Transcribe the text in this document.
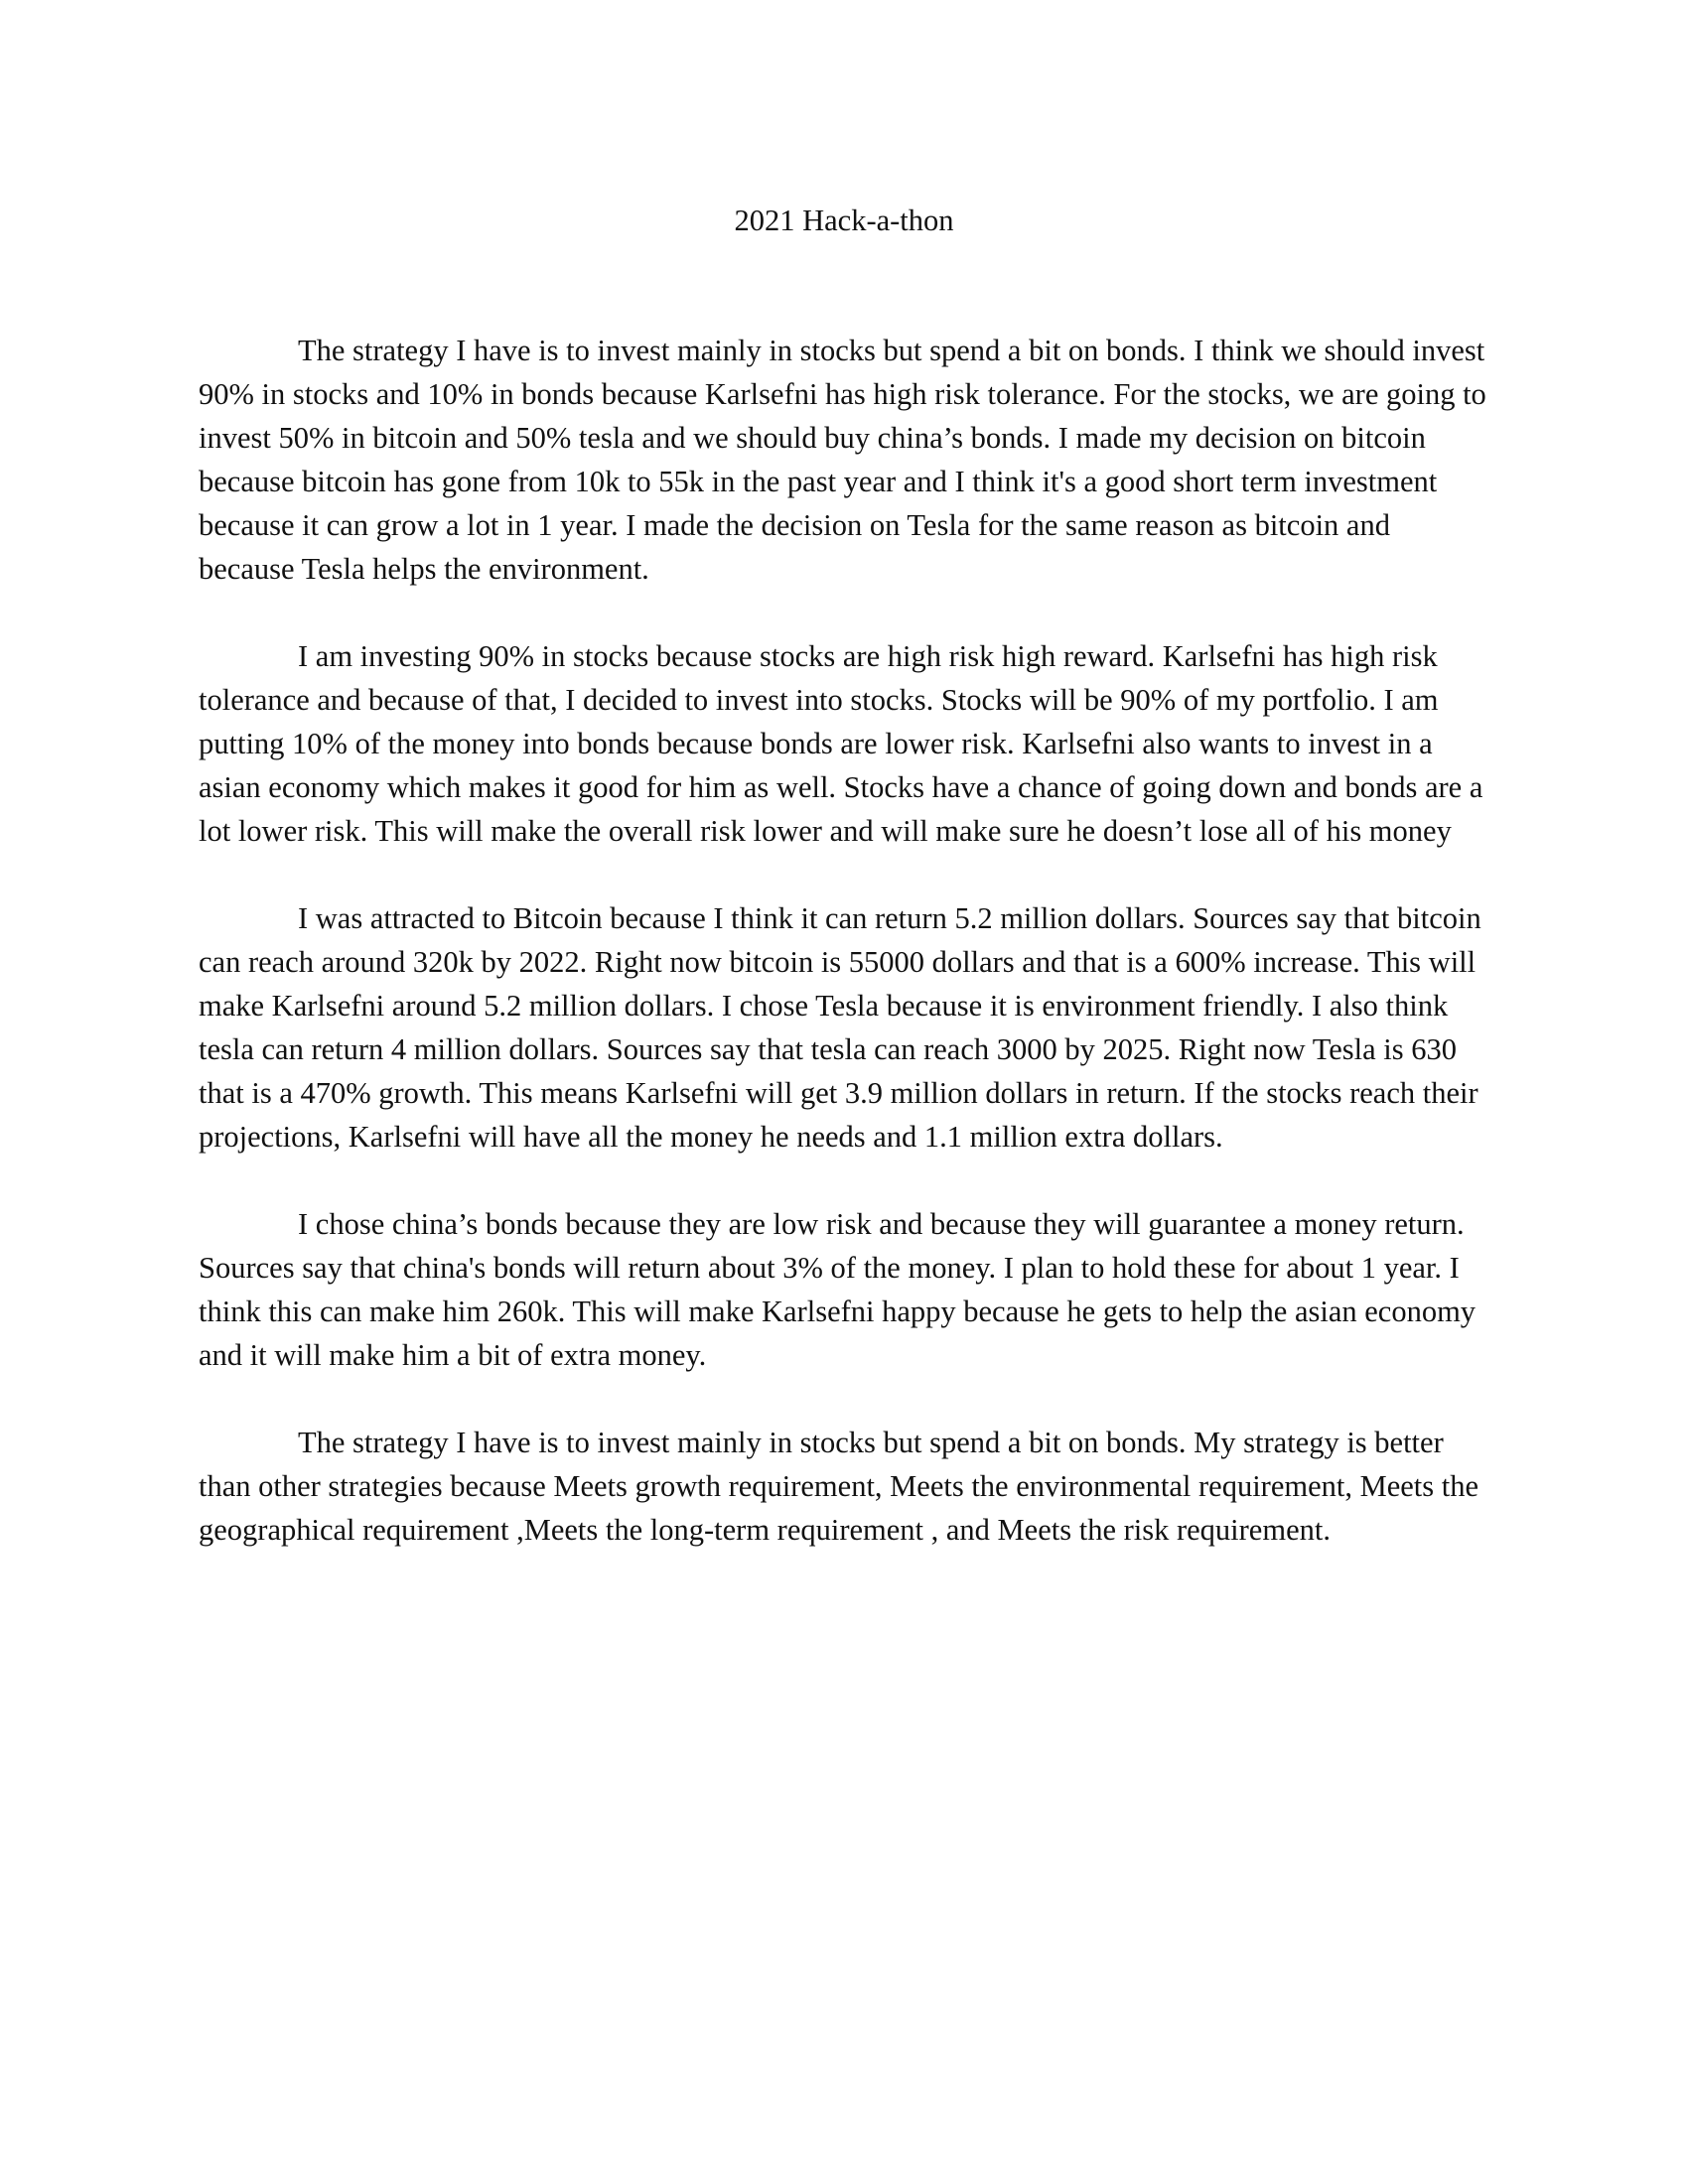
2021 Hack-a-thon

The strategy I have is to invest mainly in stocks but spend a bit on bonds. I think we should invest 90% in stocks and 10% in bonds because Karlsefni has high risk tolerance. For the stocks, we are going to invest 50% in bitcoin and 50% tesla and we should buy china’s bonds. I made my decision on bitcoin because bitcoin has gone from 10k to 55k in the past year and I think it's a good short term investment because it can grow a lot in 1 year. I made the decision on Tesla for the same reason as bitcoin and because Tesla helps the environment.

I am investing 90% in stocks because stocks are high risk high reward. Karlsefni has high risk tolerance and because of that, I decided to invest into stocks. Stocks will be 90% of my portfolio. I am putting 10% of the money into bonds because bonds are lower risk. Karlsefni also wants to invest in a asian economy which makes it good for him as well. Stocks have a chance of going down and bonds are a lot lower risk. This will make the overall risk lower and will make sure he doesn’t lose all of his money

I was attracted to Bitcoin because I think it can return 5.2 million dollars. Sources say that bitcoin can reach around 320k by 2022. Right now bitcoin is 55000 dollars and that is a 600% increase. This will make Karlsefni around 5.2 million dollars. I chose Tesla because it is environment friendly. I also think tesla can return 4 million dollars. Sources say that tesla can reach 3000 by 2025. Right now Tesla is 630 that is a 470% growth. This means Karlsefni will get 3.9 million dollars in return. If the stocks reach their projections, Karlsefni will have all the money he needs and 1.1 million extra dollars.

I chose china’s bonds because they are low risk and because they will guarantee a money return. Sources say that china's bonds will return about 3% of the money. I plan to hold these for about 1 year. I think this can make him 260k. This will make Karlsefni happy because he gets to help the asian economy and it will make him a bit of extra money.

The strategy I have is to invest mainly in stocks but spend a bit on bonds. My strategy is better than other strategies because Meets growth requirement, Meets the environmental requirement, Meets the geographical requirement ,Meets the long-term requirement , and Meets the risk requirement.
